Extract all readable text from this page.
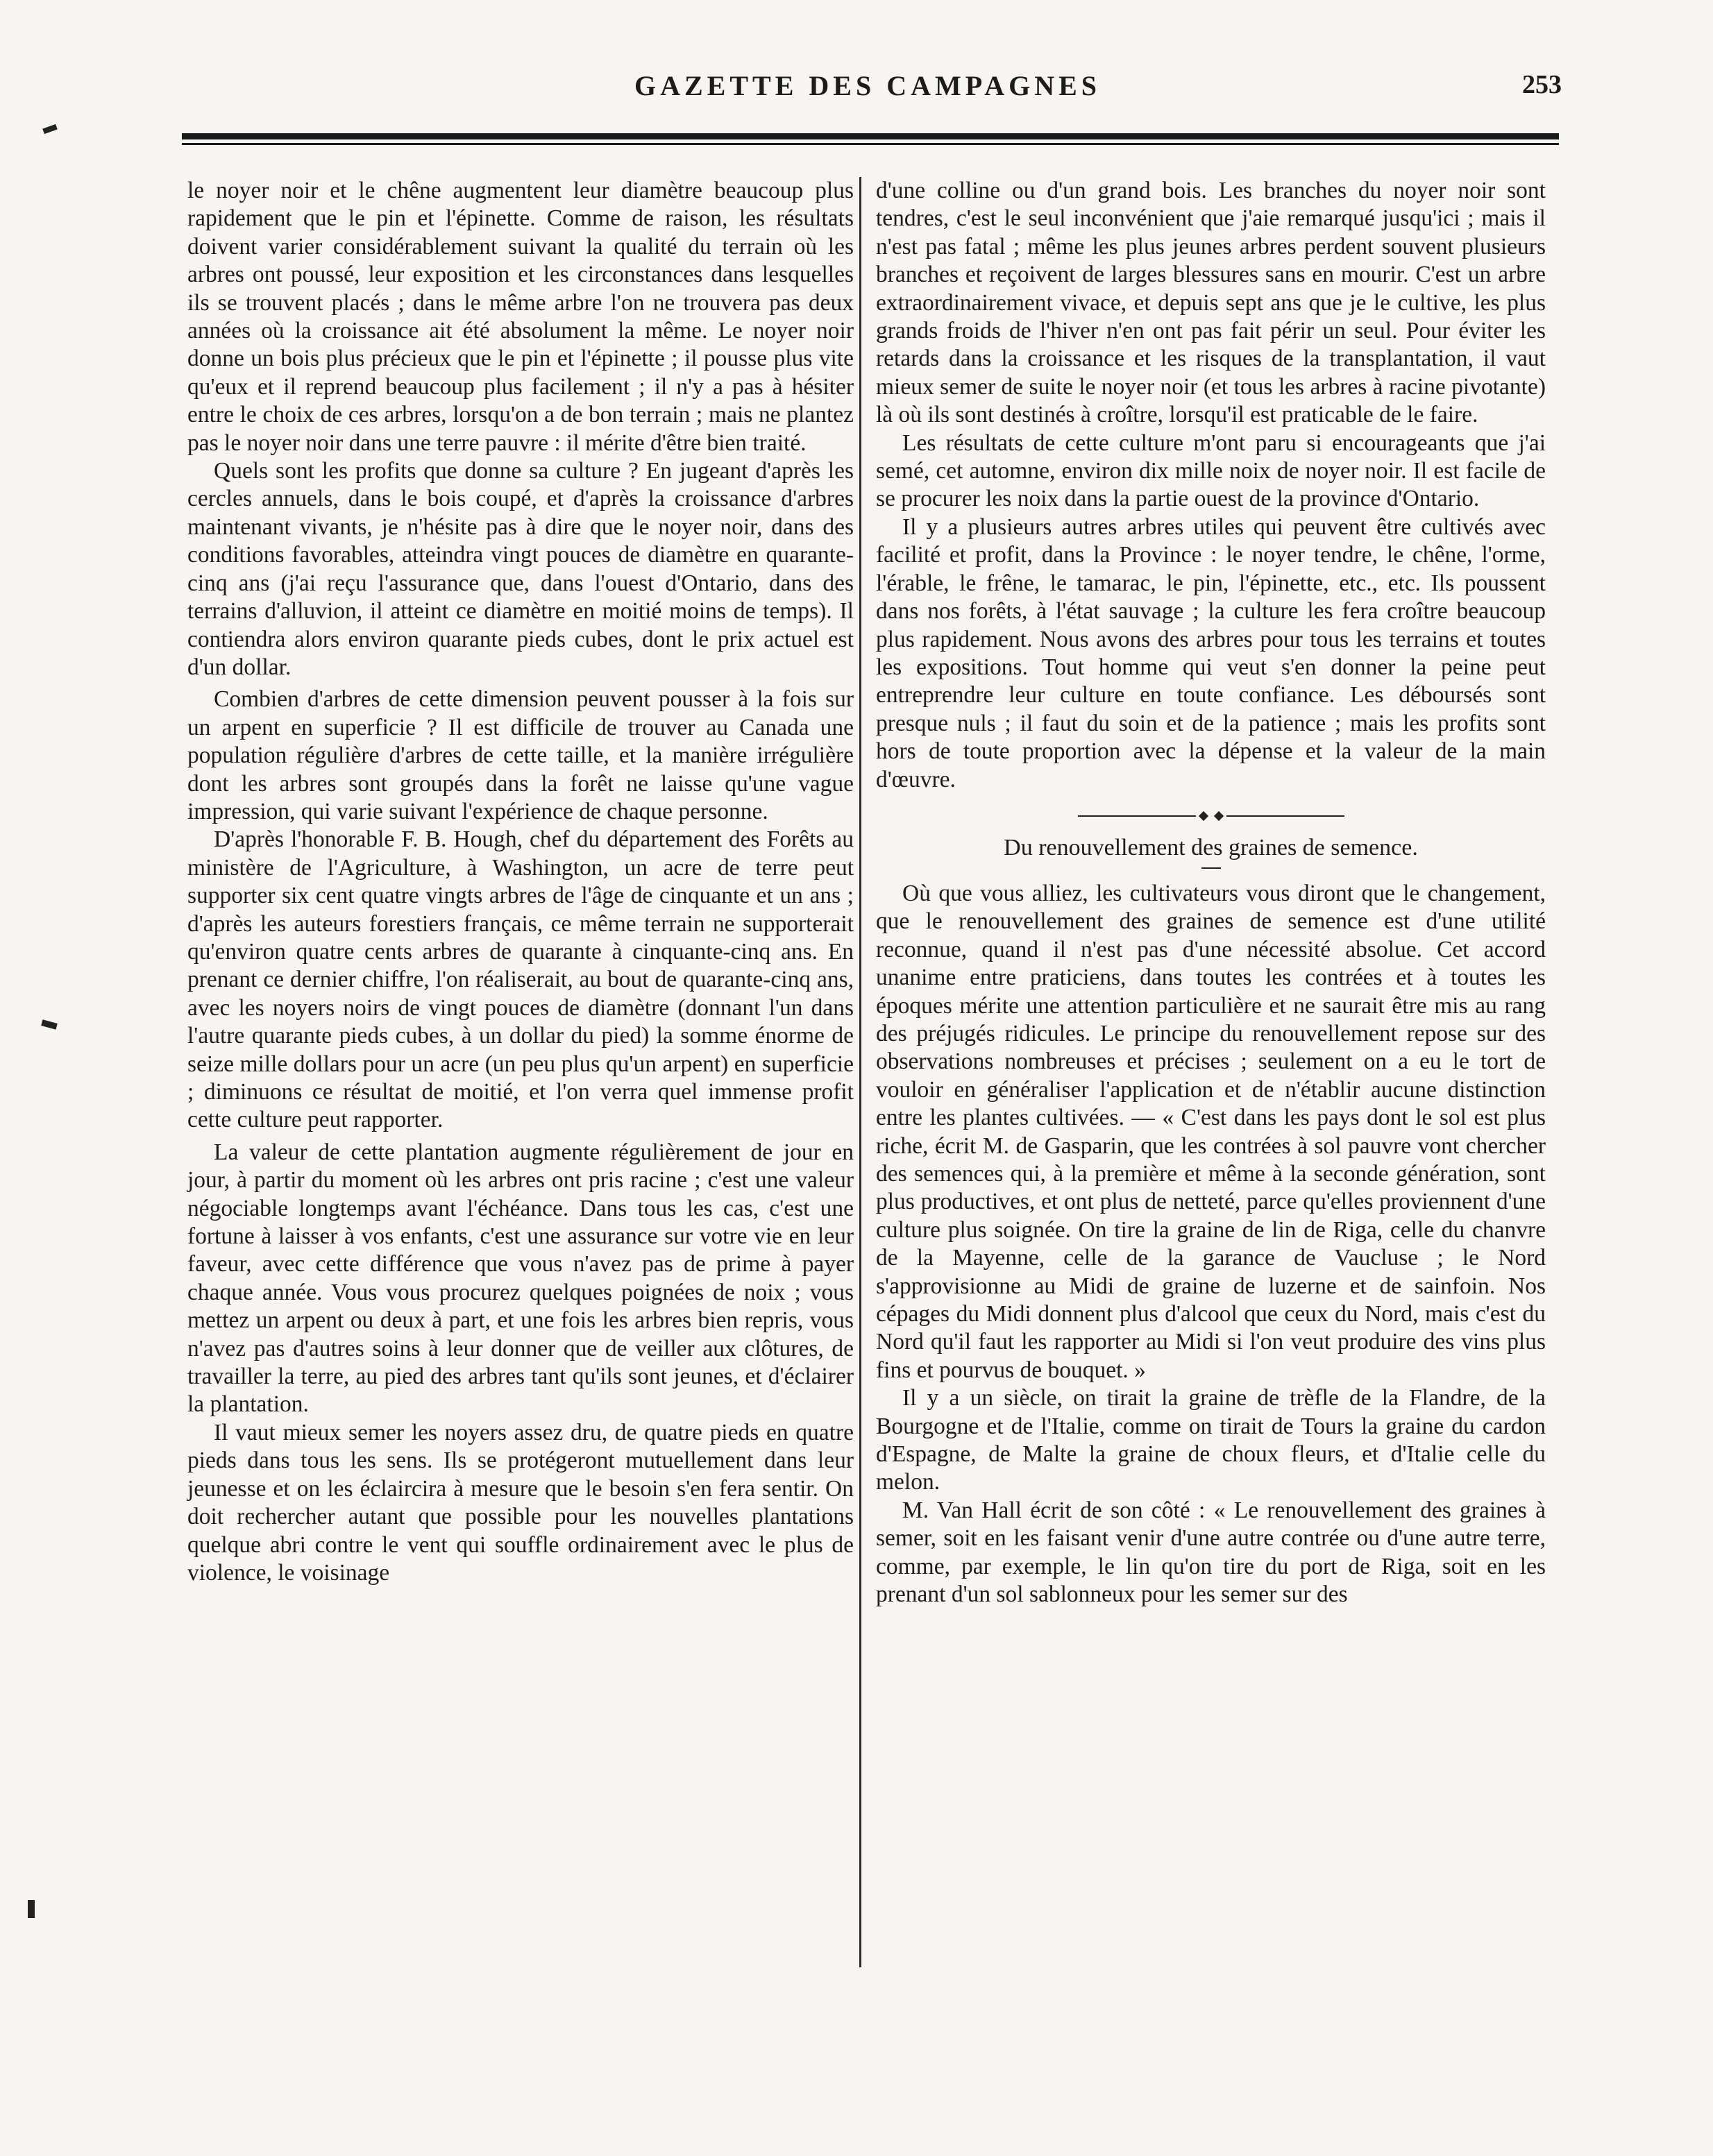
GAZETTE DES CAMPAGNES	253

le noyer noir et le chêne augmentent leur diamètre beaucoup plus rapidement que le pin et l'épinette. Comme de raison, les résultats doivent varier considérablement suivant la qualité du terrain où les arbres ont poussé, leur exposition et les circonstances dans lesquelles ils se trouvent placés ; dans le même arbre l'on ne trouvera pas deux années où la croissance ait été absolument la même. Le noyer noir donne un bois plus précieux que le pin et l'épinette ; il pousse plus vite qu'eux et il reprend beaucoup plus facilement ; il n'y a pas à hésiter entre le choix de ces arbres, lorsqu'on a de bon terrain ; mais ne plantez pas le noyer noir dans une terre pauvre : il mérite d'être bien traité.

Quels sont les profits que donne sa culture ? En jugeant d'après les cercles annuels, dans le bois coupé, et d'après la croissance d'arbres maintenant vivants, je n'hésite pas à dire que le noyer noir, dans des conditions favorables, atteindra vingt pouces de diamètre en quarante-cinq ans (j'ai reçu l'assurance que, dans l'ouest d'Ontario, dans des terrains d'alluvion, il atteint ce diamètre en moitié moins de temps). Il contiendra alors environ quarante pieds cubes, dont le prix actuel est d'un dollar.

Combien d'arbres de cette dimension peuvent pousser à la fois sur un arpent en superficie ? Il est difficile de trouver au Canada une population régulière d'arbres de cette taille, et la manière irrégulière dont les arbres sont groupés dans la forêt ne laisse qu'une vague impression, qui varie suivant l'expérience de chaque personne.

D'après l'honorable F. B. Hough, chef du département des Forêts au ministère de l'Agriculture, à Washington, un acre de terre peut supporter six cent quatre vingts arbres de l'âge de cinquante et un ans ; d'après les auteurs forestiers français, ce même terrain ne supporterait qu'environ quatre cents arbres de quarante à cinquante-cinq ans. En prenant ce dernier chiffre, l'on réaliserait, au bout de quarante-cinq ans, avec les noyers noirs de vingt pouces de diamètre (donnant l'un dans l'autre quarante pieds cubes, à un dollar du pied) la somme énorme de seize mille dollars pour un acre (un peu plus qu'un arpent) en superficie ; diminuons ce résultat de moitié, et l'on verra quel immense profit cette culture peut rapporter.

La valeur de cette plantation augmente régulièrement de jour en jour, à partir du moment où les arbres ont pris racine ; c'est une valeur négociable longtemps avant l'échéance. Dans tous les cas, c'est une fortune à laisser à vos enfants, c'est une assurance sur votre vie en leur faveur, avec cette différence que vous n'avez pas de prime à payer chaque année. Vous vous procurez quelques poignées de noix ; vous mettez un arpent ou deux à part, et une fois les arbres bien repris, vous n'avez pas d'autres soins à leur donner que de veiller aux clôtures, de travailler la terre, au pied des arbres tant qu'ils sont jeunes, et d'éclairer la plantation.

Il vaut mieux semer les noyers assez dru, de quatre pieds en quatre pieds dans tous les sens. Ils se protégeront mutuellement dans leur jeunesse et on les éclaircira à mesure que le besoin s'en fera sentir. On doit rechercher autant que possible pour les nouvelles plantations quelque abri contre le vent qui souffle ordinairement avec le plus de violence, le voisinage

d'une colline ou d'un grand bois. Les branches du noyer noir sont tendres, c'est le seul inconvénient que j'aie remarqué jusqu'ici ; mais il n'est pas fatal ; même les plus jeunes arbres perdent souvent plusieurs branches et reçoivent de larges blessures sans en mourir. C'est un arbre extraordinairement vivace, et depuis sept ans que je le cultive, les plus grands froids de l'hiver n'en ont pas fait périr un seul. Pour éviter les retards dans la croissance et les risques de la transplantation, il vaut mieux semer de suite le noyer noir (et tous les arbres à racine pivotante) là où ils sont destinés à croître, lorsqu'il est praticable de le faire.

Les résultats de cette culture m'ont paru si encourageants que j'ai semé, cet automne, environ dix mille noix de noyer noir. Il est facile de se procurer les noix dans la partie ouest de la province d'Ontario.

Il y a plusieurs autres arbres utiles qui peuvent être cultivés avec facilité et profit, dans la Province : le noyer tendre, le chêne, l'orme, l'érable, le frêne, le tamarac, le pin, l'épinette, etc., etc. Ils poussent dans nos forêts, à l'état sauvage ; la culture les fera croître beaucoup plus rapidement. Nous avons des arbres pour tous les terrains et toutes les expositions. Tout homme qui veut s'en donner la peine peut entreprendre leur culture en toute confiance. Les déboursés sont presque nuls ; il faut du soin et de la patience ; mais les profits sont hors de toute proportion avec la dépense et la valeur de la main d'œuvre.

Du renouvellement des graines de semence.

Où que vous alliez, les cultivateurs vous diront que le changement, que le renouvellement des graines de semence est d'une utilité reconnue, quand il n'est pas d'une nécessité absolue. Cet accord unanime entre praticiens, dans toutes les contrées et à toutes les époques mérite une attention particulière et ne saurait être mis au rang des préjugés ridicules. Le principe du renouvellement repose sur des observations nombreuses et précises ; seulement on a eu le tort de vouloir en généraliser l'application et de n'établir aucune distinction entre les plantes cultivées. — « C'est dans les pays dont le sol est plus riche, écrit M. de Gasparin, que les contrées à sol pauvre vont chercher des semences qui, à la première et même à la seconde génération, sont plus productives, et ont plus de netteté, parce qu'elles proviennent d'une culture plus soignée. On tire la graine de lin de Riga, celle du chanvre de la Mayenne, celle de la garance de Vaucluse ; le Nord s'approvisionne au Midi de graine de luzerne et de sainfoin. Nos cépages du Midi donnent plus d'alcool que ceux du Nord, mais c'est du Nord qu'il faut les rapporter au Midi si l'on veut produire des vins plus fins et pourvus de bouquet. »

Il y a un siècle, on tirait la graine de trèfle de la Flandre, de la Bourgogne et de l'Italie, comme on tirait de Tours la graine du cardon d'Espagne, de Malte la graine de choux fleurs, et d'Italie celle du melon.

M. Van Hall écrit de son côté : « Le renouvellement des graines à semer, soit en les faisant venir d'une autre contrée ou d'une autre terre, comme, par exemple, le lin qu'on tire du port de Riga, soit en les prenant d'un sol sablonneux pour les semer sur des
